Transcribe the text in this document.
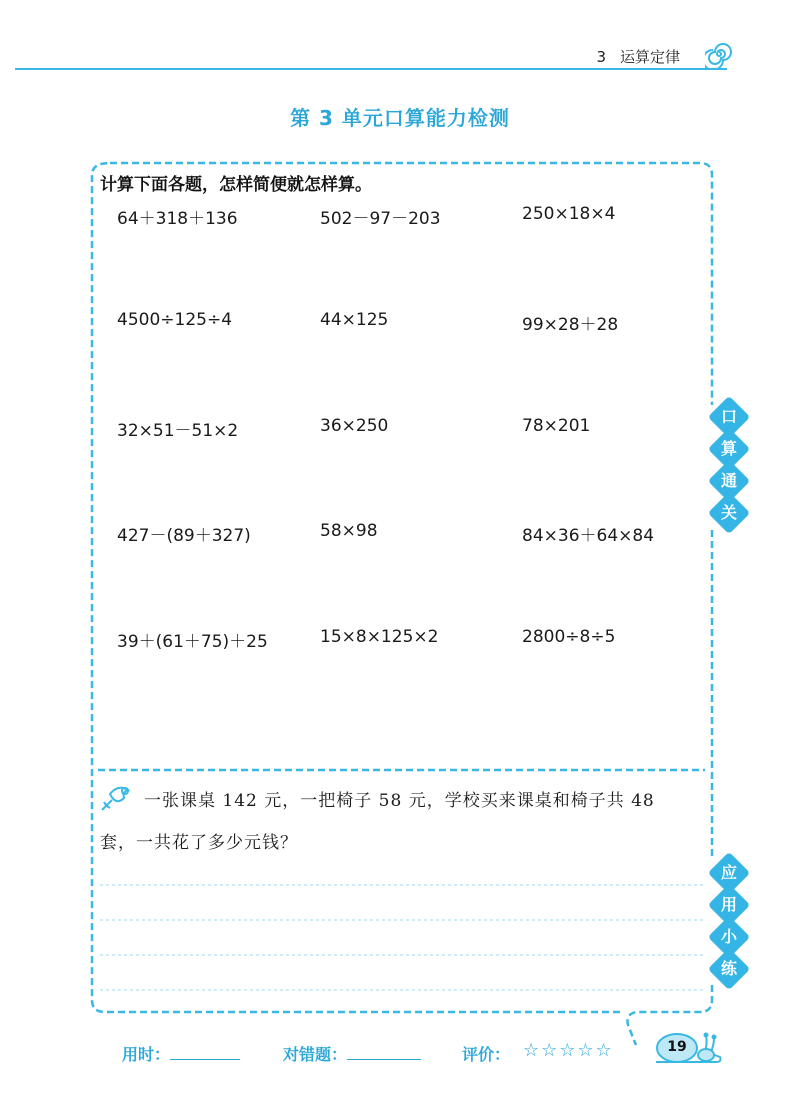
3 运算定律
第 3 单元口算能力检测
计算下面各题，怎样简便就怎样算。
64＋318＋136	502－97－203	250×18×4
4500÷125÷4	44×125	99×28＋28
32×51－51×2	36×250	78×201
427－(89＋327)	58×98	84×36＋64×84
39＋(61＋75)＋25	15×8×125×2	2800÷8÷5
一张课桌 142 元，一把椅子 58 元，学校买来课桌和椅子共 48
套，一共花了多少元钱？
口
算
通
关
应
用
小
练
用时：	对错题：	评价： ☆☆☆☆☆	19
